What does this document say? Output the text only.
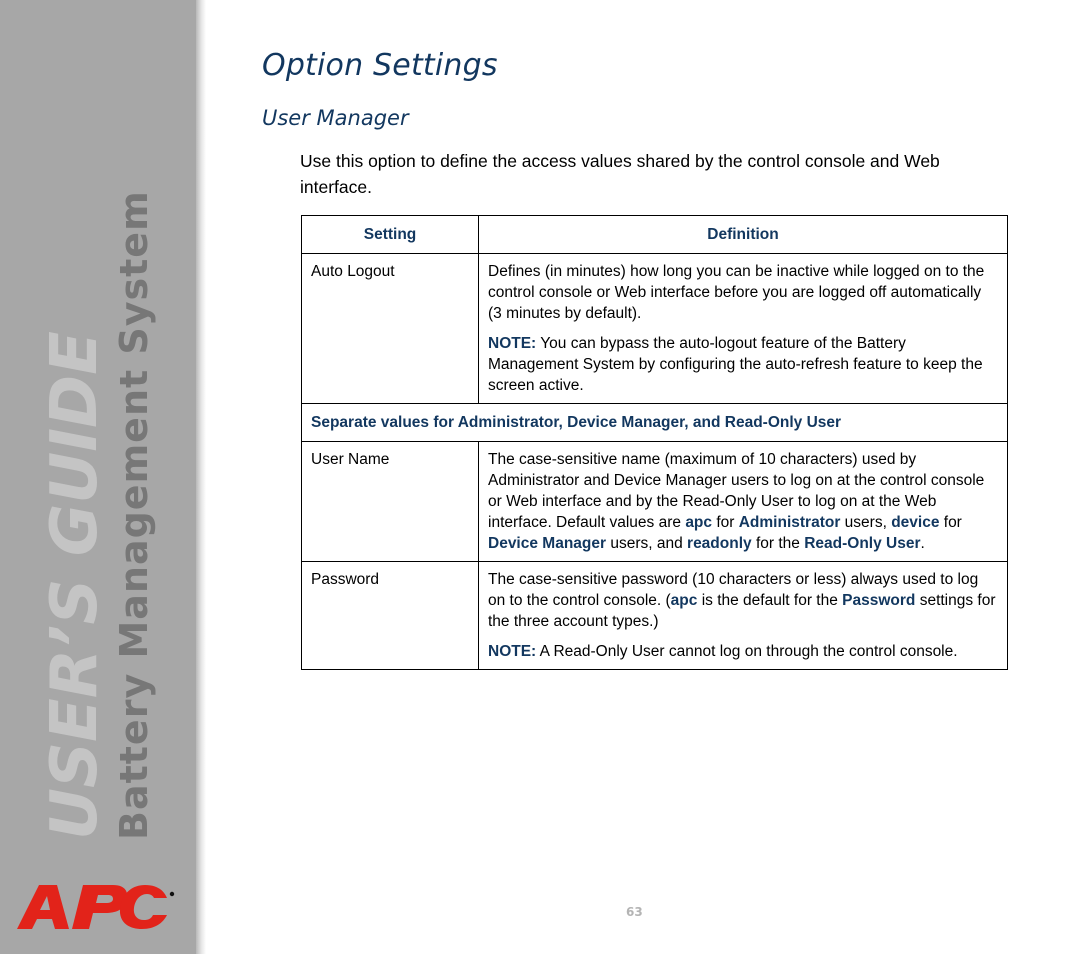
USER’S GUIDE Battery Management System
Option Settings
User Manager

Use this option to define the access values shared by the control console and Web interface.

Setting	Definition
Auto Logout	Defines (in minutes) how long you can be inactive while logged on to the control console or Web interface before you are logged off automatically (3 minutes by default).

NOTE: You can bypass the auto-logout feature of the Battery Management System by configuring the auto-refresh feature to keep the screen active.

Separate values for Administrator, Device Manager, and Read-Only User	
User Name	The case-sensitive name (maximum of 10 characters) used by Administrator and Device Manager users to log on at the control console or Web interface and by the Read-Only User to log on at the Web interface. Default values are apc for Administrator users, device for Device Manager users, and readonly for the Read-Only User.

Password	The case-sensitive password (10 characters or less) always used to log on to the control console. (apc is the default for the Password settings for the three account types.)

NOTE: A Read-Only User cannot log on through the control console.

63
